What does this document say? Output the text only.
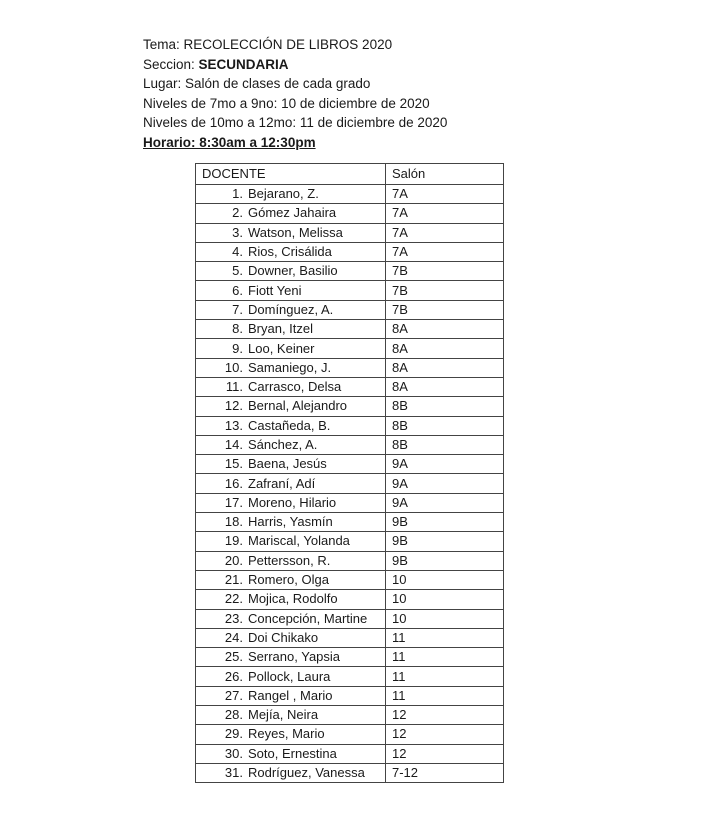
Tema: RECOLECCIÓN DE LIBROS 2020
Seccion: SECUNDARIA
Lugar: Salón de clases de cada grado
Niveles de 7mo a 9no: 10 de diciembre de 2020
Niveles de 10mo a 12mo: 11 de diciembre de 2020
Horario: 8:30am a 12:30pm
DOCENTE	Salón
1. Bejarano, Z.	7A
2. Gómez Jahaira	7A
3. Watson, Melissa	7A
4. Rios, Crisálida	7A
5. Downer, Basilio	7B
6. Fiott Yeni	7B
7. Domínguez, A.	7B
8. Bryan, Itzel	8A
9. Loo, Keiner	8A
10. Samaniego, J.	8A
11. Carrasco, Delsa	8A
12. Bernal, Alejandro	8B
13. Castañeda, B.	8B
14. Sánchez, A.	8B
15. Baena, Jesús	9A
16. Zafraní, Adí	9A
17. Moreno, Hilario	9A
18. Harris, Yasmín	9B
19. Mariscal, Yolanda	9B
20. Pettersson, R.	9B
21. Romero, Olga	10
22. Mojica, Rodolfo	10
23. Concepción, Martine	10
24. Doi Chikako	11
25. Serrano, Yapsia	11
26. Pollock, Laura	11
27. Rangel , Mario	11
28. Mejía, Neira	12
29. Reyes, Mario	12
30. Soto, Ernestina	12
31. Rodríguez, Vanessa	7-12
